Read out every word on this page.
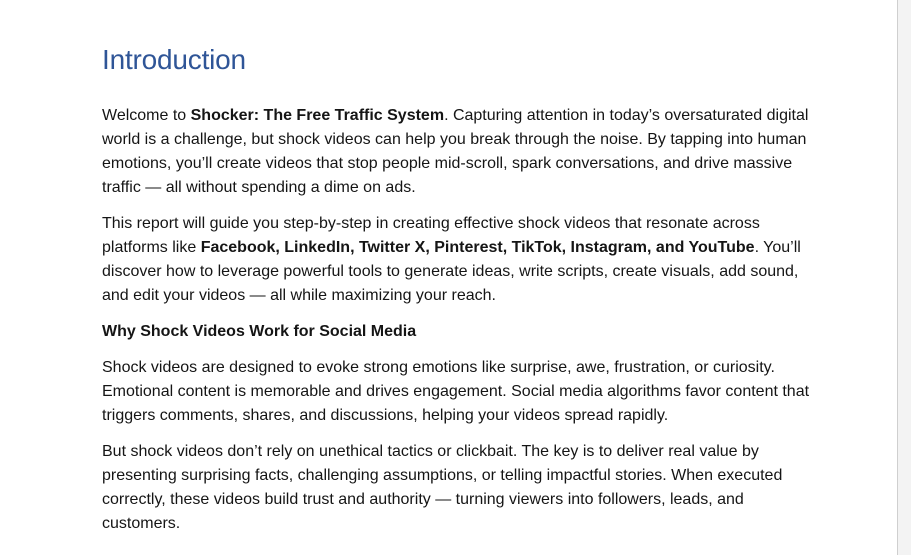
Introduction

Welcome to Shocker: The Free Traffic System. Capturing attention in today’s oversaturated digital world is a challenge, but shock videos can help you break through the noise. By tapping into human emotions, you’ll create videos that stop people mid-scroll, spark conversations, and drive massive traffic — all without spending a dime on ads.

This report will guide you step-by-step in creating effective shock videos that resonate across platforms like Facebook, LinkedIn, Twitter X, Pinterest, TikTok, Instagram, and YouTube. You’ll discover how to leverage powerful tools to generate ideas, write scripts, create visuals, add sound, and edit your videos — all while maximizing your reach.

Why Shock Videos Work for Social Media

Shock videos are designed to evoke strong emotions like surprise, awe, frustration, or curiosity. Emotional content is memorable and drives engagement. Social media algorithms favor content that triggers comments, shares, and discussions, helping your videos spread rapidly.

But shock videos don’t rely on unethical tactics or clickbait. The key is to deliver real value by presenting surprising facts, challenging assumptions, or telling impactful stories. When executed correctly, these videos build trust and authority — turning viewers into followers, leads, and customers.
